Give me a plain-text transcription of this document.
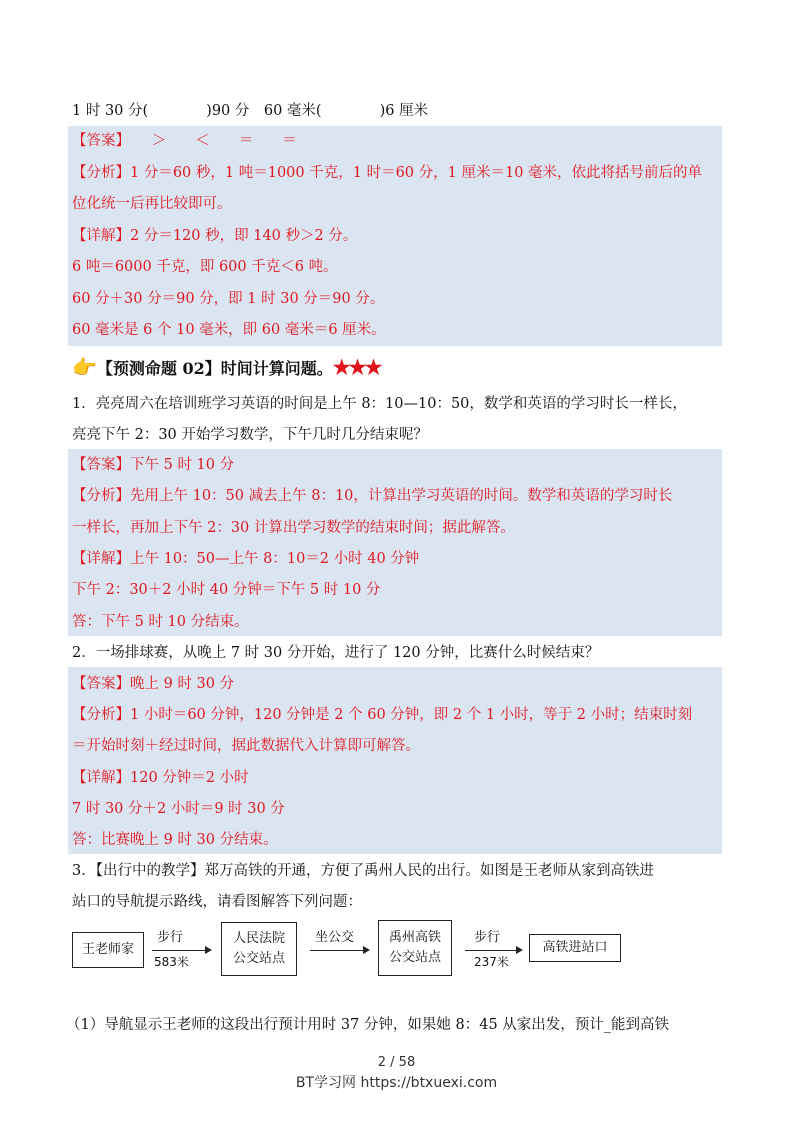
1 时 30 分(　　　　)90 分　60 毫米(　　　　)6 厘米
【答案】　　＞　　＜　　＝　　＝
【分析】1 分＝60 秒，1 吨＝1000 千克，1 时＝60 分，1 厘米＝10 毫米，依此将括号前后的单
位化统一后再比较即可。
【详解】2 分＝120 秒，即 140 秒＞2 分。
6 吨＝6000 千克，即 600 千克＜6 吨。
60 分＋30 分＝90 分，即 1 时 30 分＝90 分。
60 毫米是 6 个 10 毫米，即 60 毫米＝6 厘米。
👉【预测命题 02】时间计算问题。★★★
1．亮亮周六在培训班学习英语的时间是上午 8：10—10：50，数学和英语的学习时长一样长，
亮亮下午 2：30 开始学习数学，下午几时几分结束呢？
【答案】下午 5 时 10 分
【分析】先用上午 10：50 减去上午 8：10，计算出学习英语的时间。数学和英语的学习时长
一样长，再加上下午 2：30 计算出学习数学的结束时间；据此解答。
【详解】上午 10：50—上午 8：10＝2 小时 40 分钟
下午 2：30＋2 小时 40 分钟＝下午 5 时 10 分
答：下午 5 时 10 分结束。
2．一场排球赛，从晚上 7 时 30 分开始，进行了 120 分钟，比赛什么时候结束？
【答案】晚上 9 时 30 分
【分析】1 小时＝60 分钟，120 分钟是 2 个 60 分钟，即 2 个 1 小时，等于 2 小时；结束时刻
＝开始时刻＋经过时间，据此数据代入计算即可解答。
【详解】120 分钟＝2 小时
7 时 30 分＋2 小时＝9 时 30 分
答：比赛晚上 9 时 30 分结束。
3．【出行中的教学】郑万高铁的开通，方便了禹州人民的出行。如图是王老师从家到高铁进
站口的导航提示路线，请看图解答下列问题：
王老师家
步行
583米
人民法院
公交站点
坐公交	禹州高铁
公交站点
步行
237米
高铁进站口
（1）导航显示王老师的这段出行预计用时 37 分钟，如果她 8：45 从家出发，预计_能到高铁
2 / 58
BT学习网 https://btxuexi.com
